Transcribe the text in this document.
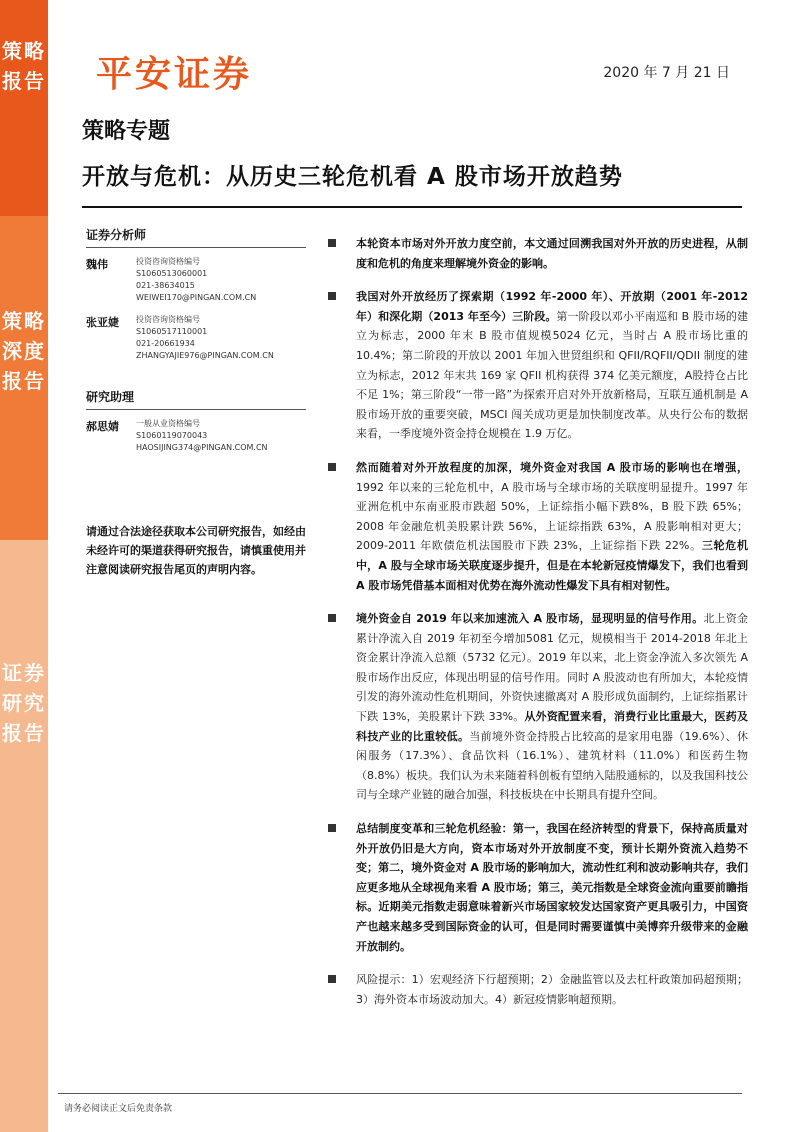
策略报告
策略深度报告
证券研究报告
平安证券	2020 年 7 月 21 日
策略专题
开放与危机：从历史三轮危机看 A 股市场开放趋势
证券分析师
魏伟	投资咨询资格编号
S1060513060001
021-38634015
WEIWEI170@PINGAN.COM.CN
张亚婕	投资咨询资格编号
S1060517110001
021-20661934
ZHANGYAJIE976@PINGAN.COM.CN
研究助理
郝思婧	一般从业资格编号
S1060119070043
HAOSIJING374@PINGAN.COM.CN
请通过合法途径获取本公司研究报告，如经由未经许可的渠道获得研究报告，请慎重使用并注意阅读研究报告尾页的声明内容。
本轮资本市场对外开放力度空前，本文通过回溯我国对外开放的历史进程，从制度和危机的角度来理解境外资金的影响。
我国对外开放经历了探索期（1992 年-2000 年）、开放期（2001 年-2012 年）和深化期（2013 年至今）三阶段。第一阶段以邓小平南巡和 B 股市场的建立为标志，2000 年末 B 股市值规模5024 亿元，当时占 A 股市场比重的 10.4%；第二阶段的开放以 2001 年加入世贸组织和 QFII/RQFII/QDII 制度的建立为标志，2012 年末共 169 家 QFII 机构获得 374 亿美元额度，A股持仓占比不足 1%；第三阶段“一带一路”为探索开启对外开放新格局，互联互通机制是 A 股市场开放的重要突破，MSCI 闯关成功更是加快制度改革。从央行公布的数据来看，一季度境外资金持仓规模在 1.9 万亿。
然而随着对外开放程度的加深，境外资金对我国 A 股市场的影响也在增强，1992 年以来的三轮危机中，A 股市场与全球市场的关联度明显提升。1997 年亚洲危机中东南亚股市跌超 50%，上证综指小幅下跌8%，B 股下跌 65%；2008 年金融危机美股累计跌 56%，上证综指跌 63%，A 股影响相对更大；2009-2011 年欧债危机法国股市下跌 23%，上证综指下跌 22%。三轮危机中，A 股与全球市场关联度逐步提升，但是在本轮新冠疫情爆发下，我们也看到 A 股市场凭借基本面相对优势在海外流动性爆发下具有相对韧性。
境外资金自 2019 年以来加速流入 A 股市场，显现明显的信号作用。北上资金累计净流入自 2019 年初至今增加5081 亿元，规模相当于 2014-2018 年北上资金累计净流入总额（5732 亿元）。2019 年以来，北上资金净流入多次领先 A 股市场作出反应，体现出明显的信号作用。同时 A 股波动也有所加大，本轮疫情引发的海外流动性危机期间，外资快速撤离对 A 股形成负面制约，上证综指累计下跌 13%，美股累计下跌 33%。从外资配置来看，消费行业比重最大，医药及科技产业的比重较低。当前境外资金持股占比较高的是家用电器（19.6%）、休闲服务（17.3%）、食品饮料（16.1%）、建筑材料（11.0%）和医药生物（8.8%）板块。我们认为未来随着科创板有望纳入陆股通标的，以及我国科技公司与全球产业链的融合加强，科技板块在中长期具有提升空间。
总结制度变革和三轮危机经验：第一，我国在经济转型的背景下，保持高质量对外开放仍旧是大方向，资本市场对外开放制度不变，预计长期外资流入趋势不变；第二，境外资金对 A 股市场的影响加大，流动性红利和波动影响共存，我们应更多地从全球视角来看 A 股市场；第三，美元指数是全球资金流向重要前瞻指标。近期美元指数走弱意味着新兴市场国家较发达国家资产更具吸引力，中国资产也越来越多受到国际资金的认可，但是同时需要谨慎中美博弈升级带来的金融开放制约。
风险提示：1）宏观经济下行超预期；2）金融监管以及去杠杆政策加码超预期；3）海外资本市场波动加大。4）新冠疫情影响超预期。
请务必阅读正文后免责条款
